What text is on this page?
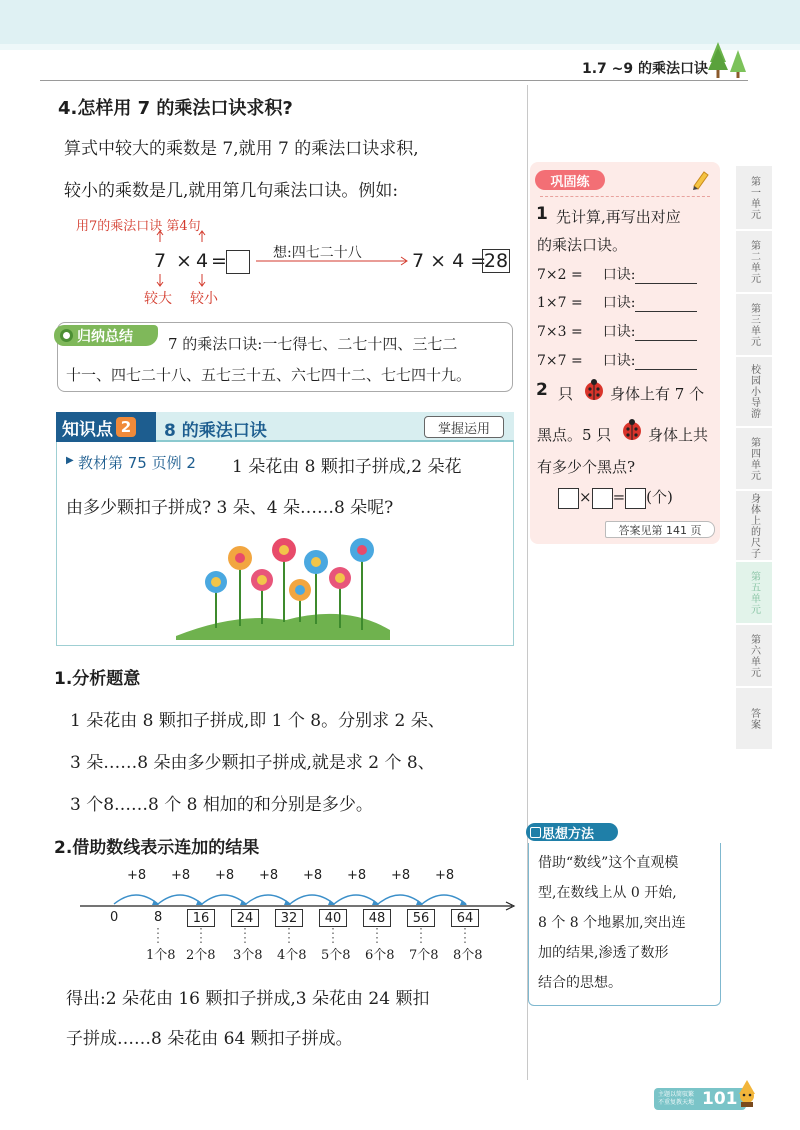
1.7 ~9 的乘法口诀
第一单元
第二单元
第三单元
校园小导游
第四单元
身体上的尺子
第五单元
第六单元
答案
4.怎样用 7 的乘法口诀求积?
算式中较大的乘数是 7,就用 7 的乘法口诀求积,
较小的乘数是几,就用第几句乘法口诀。例如:
用7的乘法口诀 第4句
7 × 4 =	想:四七二十八	7 × 4 =
28
较大 较小
归纳总结 7 的乘法口诀:一七得七、二七十四、三七二
十一、四七二十八、五七三十五、六七四十二、七七四十九。
知识点 2 8 的乘法口诀	掌握运用
▶ 教材第 75 页例 2 1 朵花由 8 颗扣子拼成,2 朵花
由多少颗扣子拼成? 3 朵、4 朵……8 朵呢?
1.分析题意
1 朵花由 8 颗扣子拼成,即 1 个 8。分别求 2 朵、
3 朵……8 朵由多少颗扣子拼成,就是求 2 个 8、
3 个8……8 个 8 相加的和分别是多少。
2.借助数线表示连加的结果
+8 +8 +8 +8 +8 +8 +8 +8
0	8	16	24	32	40	48	56	64
1个8 2个8 3个8 4个8 5个8 6个8 7个8 8个8
得出:2 朵花由 16 颗扣子拼成,3 朵花由 24 颗扣
子拼成……8 朵花由 64 颗扣子拼成。
巩固练
1 先计算,再写出对应
的乘法口诀。
7×2 = 口诀:
1×7 = 口诀:
7×3 = 口诀:
7×7 = 口诀:
2 只 身体上有 7 个
黑点。5 只 身体上共
有多少个黑点?
× = (个)
答案见第 141 页
思想方法
借助“数线”这个直观模
型,在数线上从 0 开始,
8 个 8 个地累加,突出连
加的结果,渗透了数形
结合的思想。
主题以简驭繁
不重复教天地 101
